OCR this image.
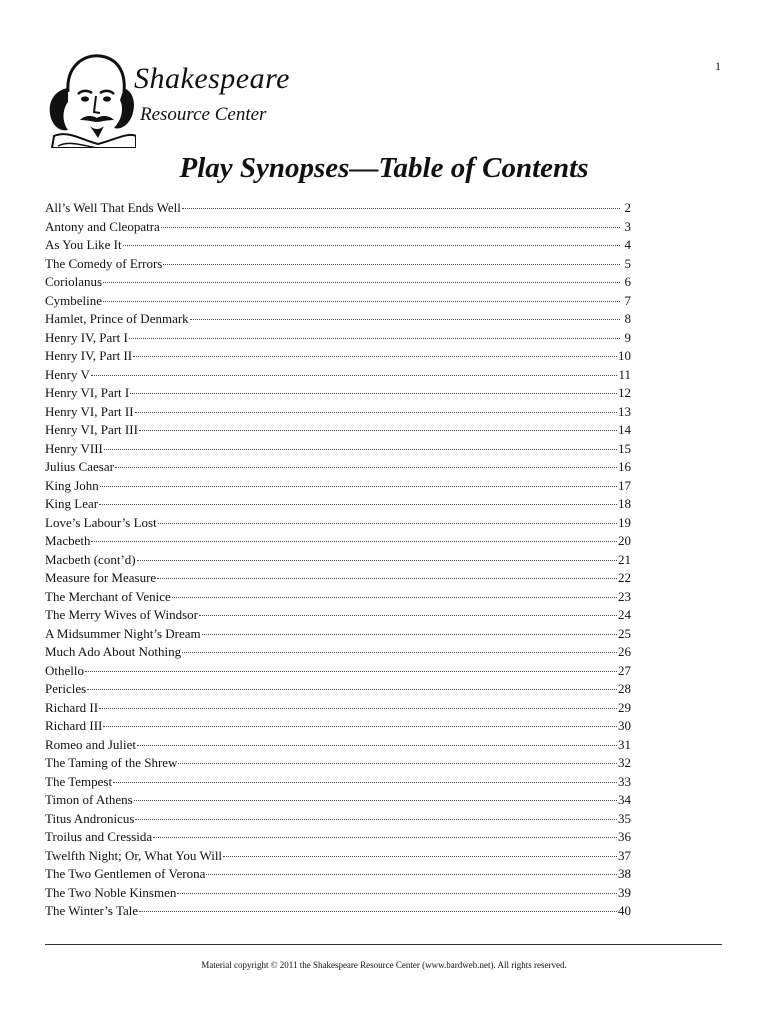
1
Shakespeare
Resource Center
Play Synopses—Table of Contents
All’s Well That Ends Well	2
Antony and Cleopatra	3
As You Like It	4
The Comedy of Errors	5
Coriolanus	6
Cymbeline	7
Hamlet, Prince of Denmark	8
Henry IV, Part I	9
Henry IV, Part II	10
Henry V	11
Henry VI, Part I	12
Henry VI, Part II	13
Henry VI, Part III	14
Henry VIII	15
Julius Caesar	16
King John	17
King Lear	18
Love’s Labour’s Lost	19
Macbeth	20
Macbeth (cont’d)	21
Measure for Measure	22
The Merchant of Venice	23
The Merry Wives of Windsor	24
A Midsummer Night’s Dream	25
Much Ado About Nothing	26
Othello	27
Pericles	28
Richard II	29
Richard III	30
Romeo and Juliet	31
The Taming of the Shrew	32
The Tempest	33
Timon of Athens	34
Titus Andronicus	35
Troilus and Cressida	36
Twelfth Night; Or, What You Will	37
The Two Gentlemen of Verona	38
The Two Noble Kinsmen	39
The Winter’s Tale	40
Material copyright © 2011 the Shakespeare Resource Center (www.bardweb.net). All rights reserved.
